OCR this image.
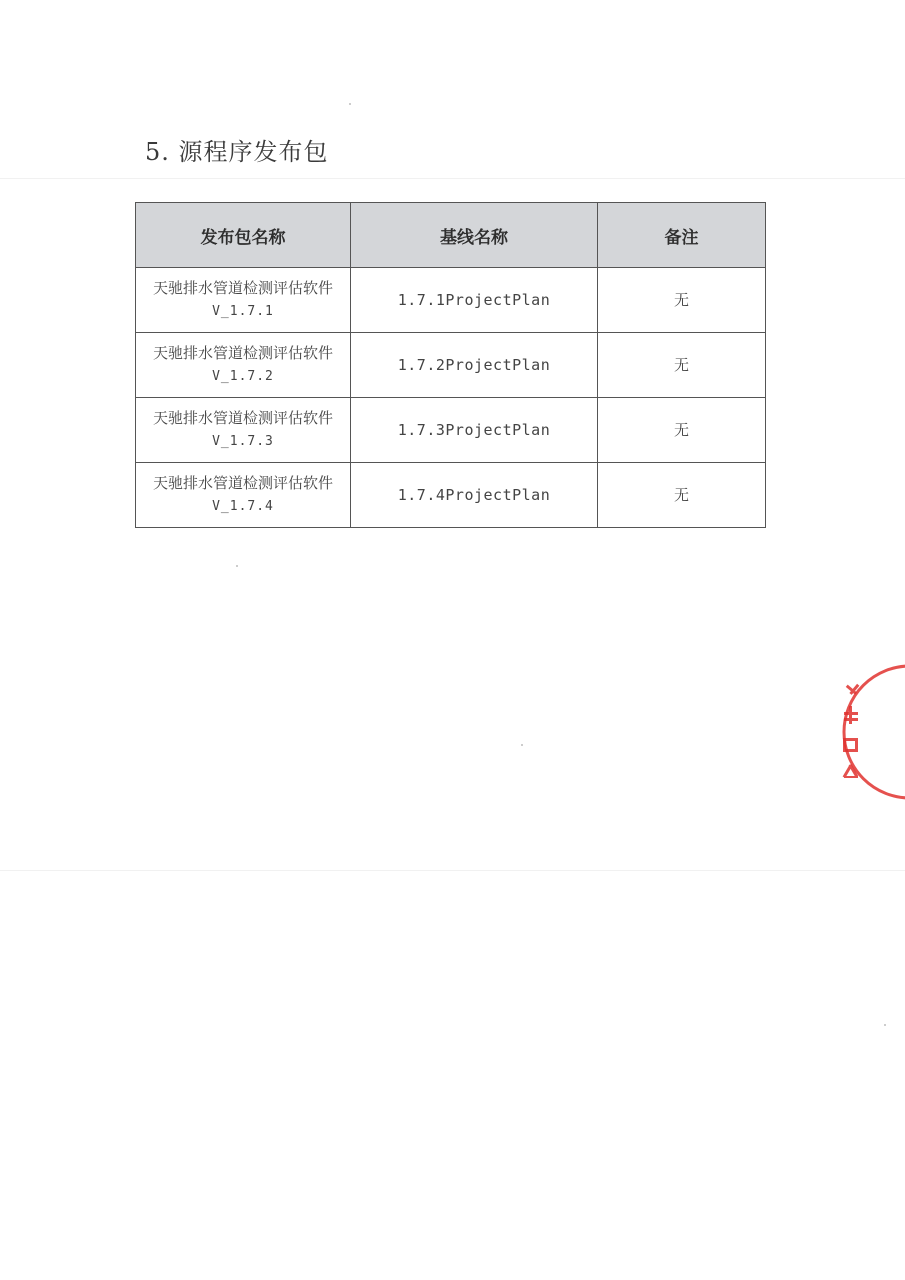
5. 源程序发布包
发布包名称	基线名称	备注

天驰排水管道检测评估软件
V_1.7.1	1.7.1ProjectPlan	无

天驰排水管道检测评估软件
V_1.7.2	1.7.2ProjectPlan	无

天驰排水管道检测评估软件
V_1.7.3	1.7.3ProjectPlan	无

天驰排水管道检测评估软件
V_1.7.4	1.7.4ProjectPlan	无
